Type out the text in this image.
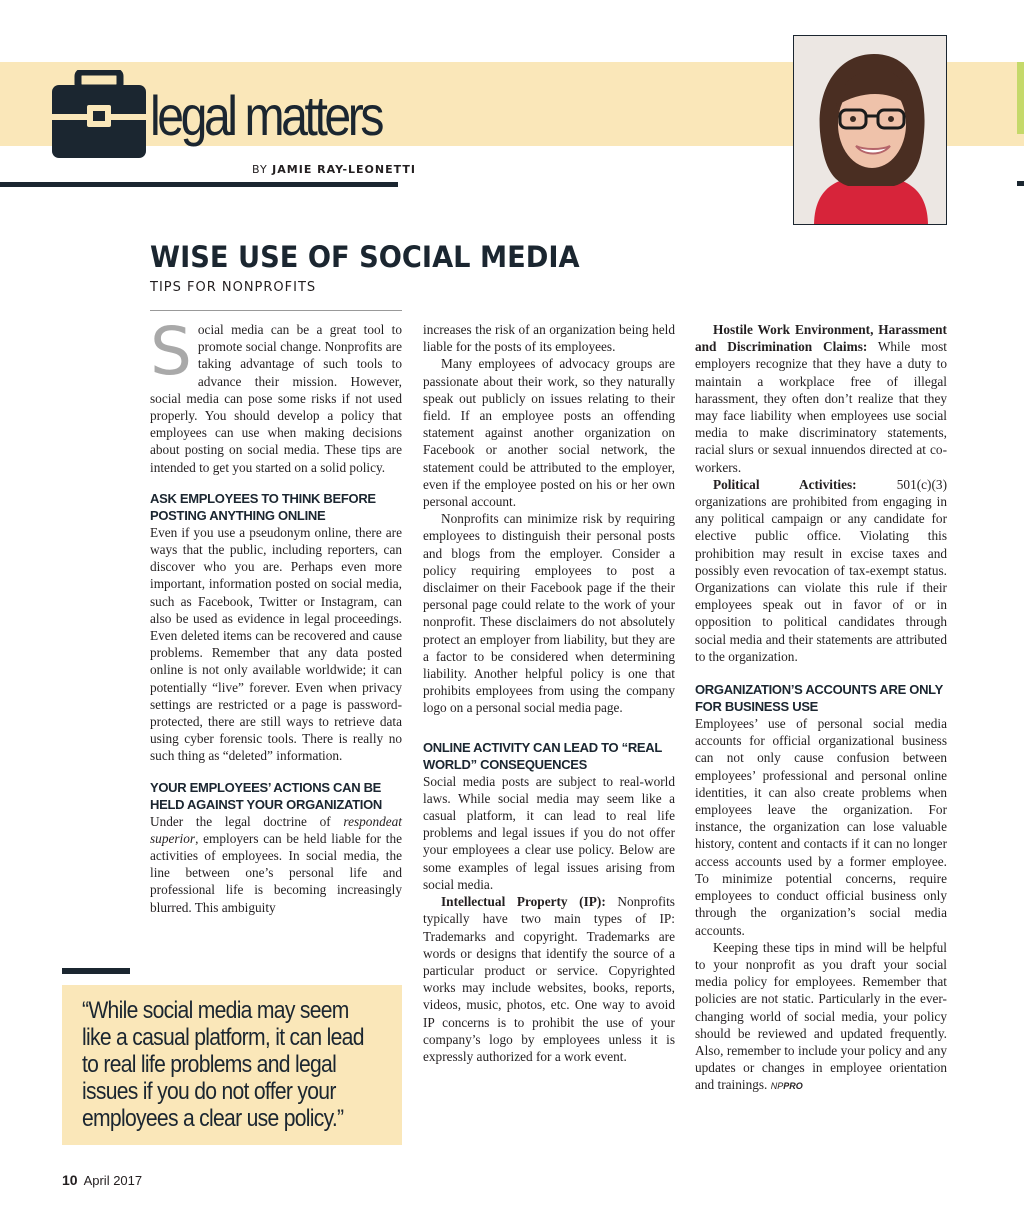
legal matters
BY JAMIE RAY-LEONETTI
WISE USE OF SOCIAL MEDIA
TIPS FOR NONPROFITS

Social media can be a great tool to promote social change. Nonprofits are taking advantage of such tools to advance their mission. However, social media can pose some risks if not used properly. You should develop a policy that employees can use when making decisions about posting on social media. These tips are intended to get you started on a solid policy.

ASK EMPLOYEES TO THINK BEFORE POSTING ANYTHING ONLINE

Even if you use a pseudonym online, there are ways that the public, including reporters, can discover who you are. Perhaps even more important, information posted on social media, such as Facebook, Twitter or Instagram, can also be used as evidence in legal proceedings. Even deleted items can be recovered and cause problems. Remember that any data posted online is not only available worldwide; it can potentially “live” forever. Even when privacy settings are restricted or a page is password-protected, there are still ways to retrieve data using cyber forensic tools. There is really no such thing as “deleted” information.

YOUR EMPLOYEES’ ACTIONS CAN BE HELD AGAINST YOUR ORGANIZATION

Under the legal doctrine of respondeat superior, employers can be held liable for the activities of employees. In social media, the line between one’s personal life and professional life is becoming increasingly blurred. This ambiguity

increases the risk of an organization being held liable for the posts of its employees.

Many employees of advocacy groups are passionate about their work, so they naturally speak out publicly on issues relating to their field. If an employee posts an offending statement against another organization on Facebook or another social network, the statement could be attributed to the employer, even if the employee posted on his or her own personal account.

Nonprofits can minimize risk by requiring employees to distinguish their personal posts and blogs from the employer. Consider a policy requiring employees to post a disclaimer on their Facebook page if the their personal page could relate to the work of your nonprofit. These disclaimers do not absolutely protect an employer from liability, but they are a factor to be considered when determining liability. Another helpful policy is one that prohibits employees from using the company logo on a personal social media page.

ONLINE ACTIVITY CAN LEAD TO “REAL WORLD” CONSEQUENCES

Social media posts are subject to real-world laws. While social media may seem like a casual platform, it can lead to real life problems and legal issues if you do not offer your employees a clear use policy. Below are some examples of legal issues arising from social media.

Intellectual Property (IP): Nonprofits typically have two main types of IP: Trademarks and copyright. Trademarks are words or designs that identify the source of a particular product or service. Copyrighted works may include websites, books, reports, videos, music, photos, etc. One way to avoid IP concerns is to prohibit the use of your company’s logo by employees unless it is expressly authorized for a work event.

Hostile Work Environment, Harassment and Discrimination Claims: While most employers recognize that they have a duty to maintain a workplace free of illegal harassment, they often don’t realize that they may face liability when employees use social media to make discriminatory statements, racial slurs or sexual innuendos directed at co-workers.

Political Activities: 501(c)(3) organizations are prohibited from engaging in any political campaign or any candidate for elective public office. Violating this prohibition may result in excise taxes and possibly even revocation of tax-exempt status. Organizations can violate this rule if their employees speak out in favor of or in opposition to political candidates through social media and their statements are attributed to the organization.

ORGANIZATION’S ACCOUNTS ARE ONLY FOR BUSINESS USE

Employees’ use of personal social media accounts for official organizational business can not only cause confusion between employees’ professional and personal online identities, it can also create problems when employees leave the organization. For instance, the organization can lose valuable history, content and contacts if it can no longer access accounts used by a former employee. To minimize potential concerns, require employees to conduct official business only through the organization’s social media accounts.

Keeping these tips in mind will be helpful to your nonprofit as you draft your social media policy for employees. Remember that policies are not static. Particularly in the ever-changing world of social media, your policy should be reviewed and updated frequently. Also, remember to include your policy and any updates or changes in employee orientation and trainings. NPPRO

“While social media may seem like a casual platform, it can lead to real life problems and legal issues if you do not offer your employees a clear use policy.”
10 April 2017
